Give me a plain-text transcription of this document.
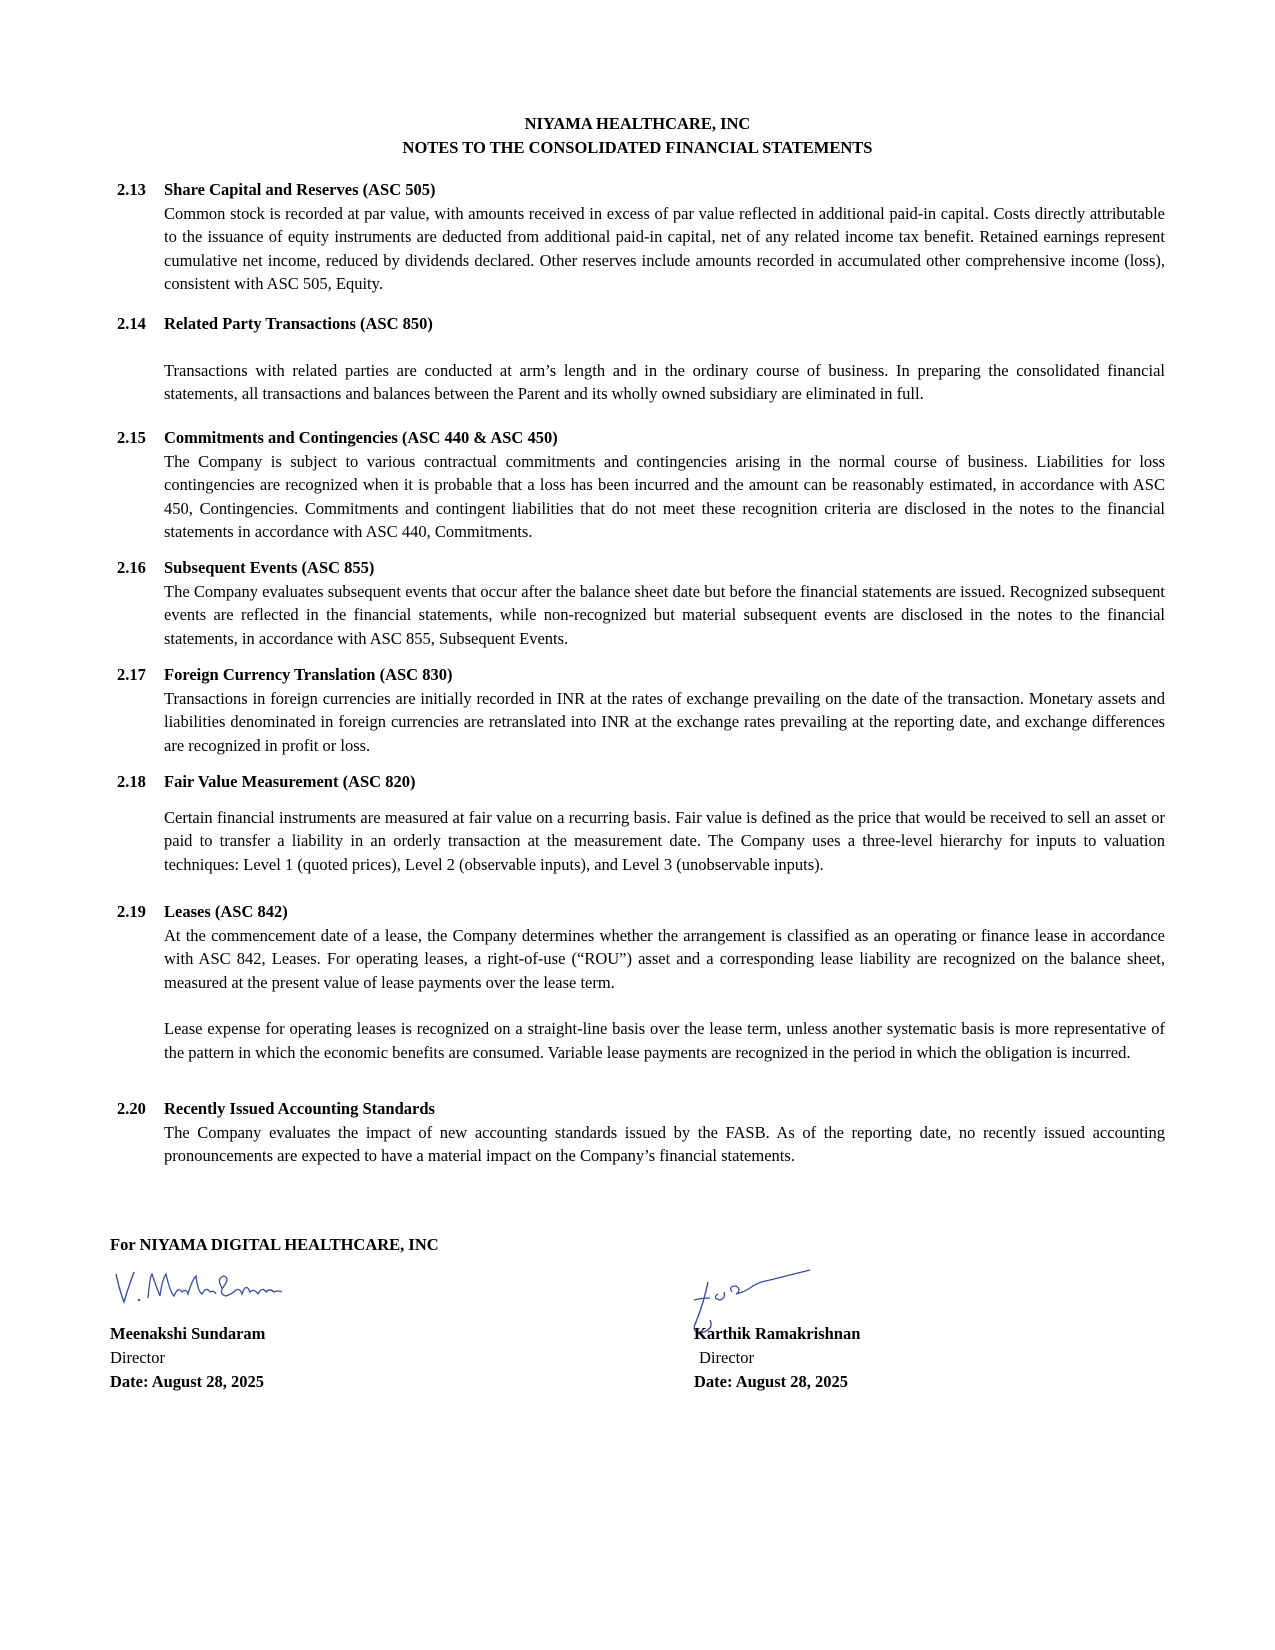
NIYAMA HEALTHCARE, INC
NOTES TO THE CONSOLIDATED FINANCIAL STATEMENTS
2.13	Share Capital and Reserves (ASC 505)

Common stock is recorded at par value, with amounts received in excess of par value reflected in additional paid-in capital. Costs directly attributable to the issuance of equity instruments are deducted from additional paid-in capital, net of any related income tax benefit. Retained earnings represent cumulative net income, reduced by dividends declared. Other reserves include amounts recorded in accumulated other comprehensive income (loss), consistent with ASC 505, Equity.

2.14	Related Party Transactions (ASC 850)

Transactions with related parties are conducted at arm’s length and in the ordinary course of business. In preparing the consolidated financial statements, all transactions and balances between the Parent and its wholly owned subsidiary are eliminated in full.

2.15	Commitments and Contingencies (ASC 440 & ASC 450)

The Company is subject to various contractual commitments and contingencies arising in the normal course of business. Liabilities for loss contingencies are recognized when it is probable that a loss has been incurred and the amount can be reasonably estimated, in accordance with ASC 450, Contingencies. Commitments and contingent liabilities that do not meet these recognition criteria are disclosed in the notes to the financial statements in accordance with ASC 440, Commitments.

2.16	Subsequent Events (ASC 855)

The Company evaluates subsequent events that occur after the balance sheet date but before the financial statements are issued. Recognized subsequent events are reflected in the financial statements, while non-recognized but material subsequent events are disclosed in the notes to the financial statements, in accordance with ASC 855, Subsequent Events.

2.17	Foreign Currency Translation (ASC 830)

Transactions in foreign currencies are initially recorded in INR at the rates of exchange prevailing on the date of the transaction. Monetary assets and liabilities denominated in foreign currencies are retranslated into INR at the exchange rates prevailing at the reporting date, and exchange differences are recognized in profit or loss.

2.18	Fair Value Measurement (ASC 820)

Certain financial instruments are measured at fair value on a recurring basis. Fair value is defined as the price that would be received to sell an asset or paid to transfer a liability in an orderly transaction at the measurement date. The Company uses a three-level hierarchy for inputs to valuation techniques: Level 1 (quoted prices), Level 2 (observable inputs), and Level 3 (unobservable inputs).

2.19	Leases (ASC 842)

At the commencement date of a lease, the Company determines whether the arrangement is classified as an operating or finance lease in accordance with ASC 842, Leases. For operating leases, a right-of-use (“ROU”) asset and a corresponding lease liability are recognized on the balance sheet, measured at the present value of lease payments over the lease term.

Lease expense for operating leases is recognized on a straight-line basis over the lease term, unless another systematic basis is more representative of the pattern in which the economic benefits are consumed. Variable lease payments are recognized in the period in which the obligation is incurred.

2.20	Recently Issued Accounting Standards

The Company evaluates the impact of new accounting standards issued by the FASB. As of the reporting date, no recently issued accounting pronouncements are expected to have a material impact on the Company’s financial statements.

For NIYAMA DIGITAL HEALTHCARE, INC
Meenakshi Sundaram
Director
Date: August 28, 2025
Karthik Ramakrishnan
Director
Date: August 28, 2025
